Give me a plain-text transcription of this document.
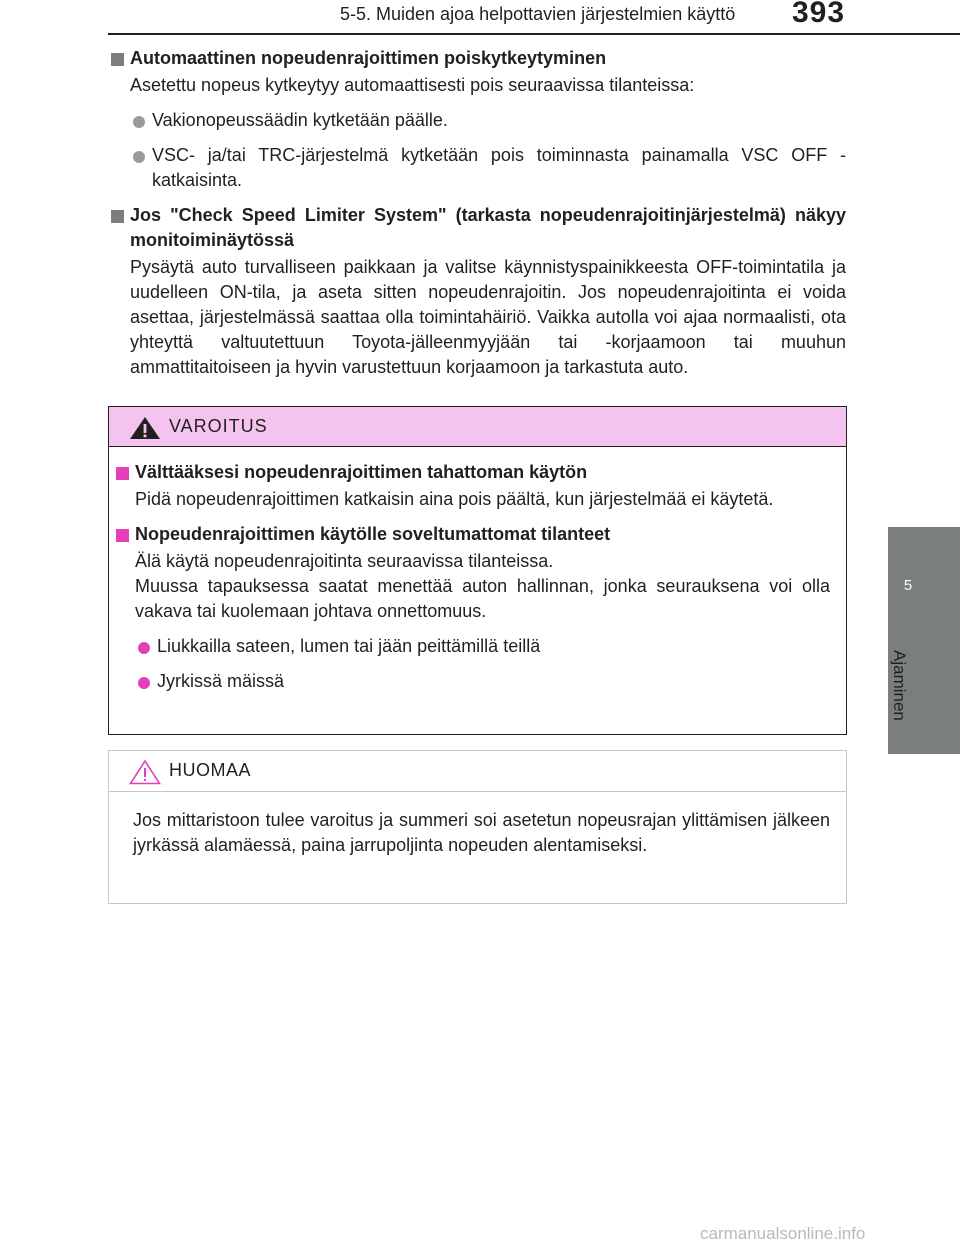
5-5. Muiden ajoa helpottavien järjestelmien käyttö	393
5
Ajaminen
Automaattinen nopeudenrajoittimen poiskytkeytyminen

Asetettu nopeus kytkeytyy automaattisesti pois seuraavissa tilanteissa:

Vakionopeussäädin kytketään päälle.
VSC- ja/tai TRC-järjestelmä kytketään pois toiminnasta painamalla VSC OFF -katkaisinta.
Jos "Check Speed Limiter System" (tarkasta nopeudenrajoitinjärjestelmä) näkyy monitoiminäytössä

Pysäytä auto turvalliseen paikkaan ja valitse käynnistyspainikkeesta OFF-toimintatila ja uudelleen ON-tila, ja aseta sitten nopeudenrajoitin. Jos nopeudenrajoitinta ei voida asettaa, järjestelmässä saattaa olla toimintahäiriö. Vaikka autolla voi ajaa normaalisti, ota yhteyttä valtuutettuun Toyota-jälleenmyyjään tai -korjaamoon tai muuhun ammattitaitoiseen ja hyvin varustettuun korjaamoon ja tarkastuta auto.

VAROITUS
Välttääksesi nopeudenrajoittimen tahattoman käytön

Pidä nopeudenrajoittimen katkaisin aina pois päältä, kun järjestelmää ei käytetä.

Nopeudenrajoittimen käytölle soveltumattomat tilanteet

Älä käytä nopeudenrajoitinta seuraavissa tilanteissa.

Muussa tapauksessa saatat menettää auton hallinnan, jonka seurauksena voi olla vakava tai kuolemaan johtava onnettomuus.

Liukkailla sateen, lumen tai jään peittämillä teillä
Jyrkissä mäissä
HUOMAA
Jos mittaristoon tulee varoitus ja summeri soi asetetun nopeusrajan ylittämisen jälkeen jyrkässä alamäessä, paina jarrupoljinta nopeuden alentamiseksi.
carmanualsonline.info
